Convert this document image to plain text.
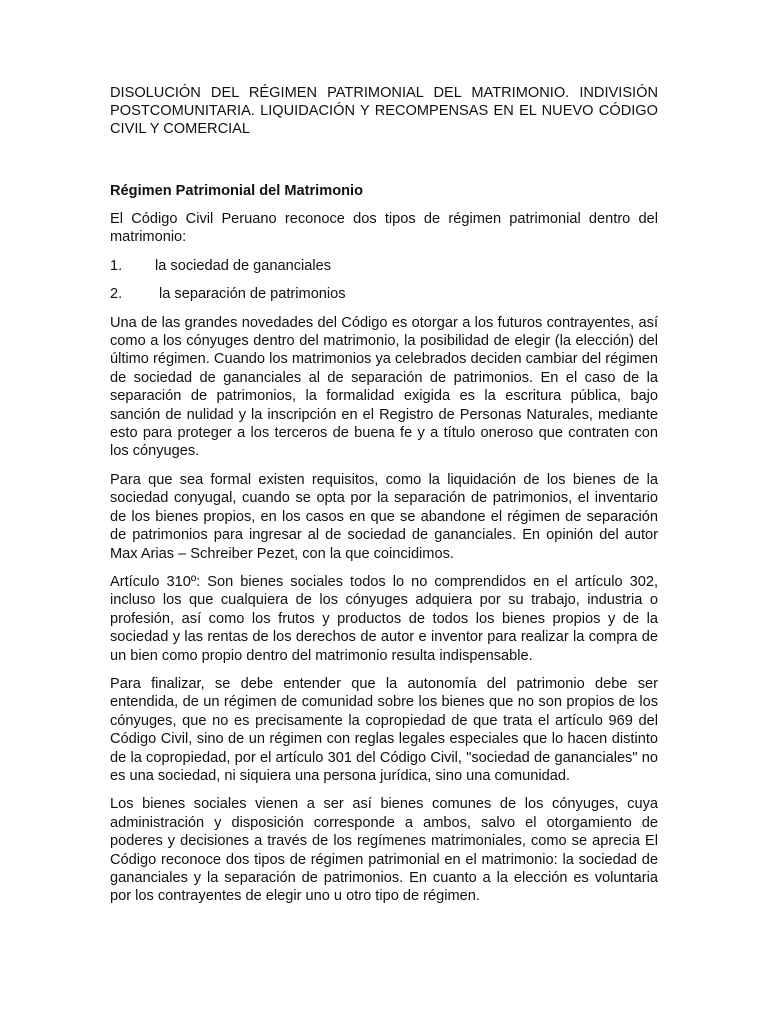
DISOLUCIÓN DEL RÉGIMEN PATRIMONIAL DEL MATRIMONIO. INDIVISIÓN POSTCOMUNITARIA. LIQUIDACIÓN Y RECOMPENSAS EN EL NUEVO CÓDIGO CIVIL Y COMERCIAL
Régimen Patrimonial del Matrimonio

El Código Civil Peruano reconoce dos tipos de régimen patrimonial dentro del matrimonio:

1.	la sociedad de gananciales
2.	la separación de patrimonios

Una de las grandes novedades del Código es otorgar a los futuros contrayentes, así como a los cónyuges dentro del matrimonio, la posibilidad de elegir (la elección) del último régimen. Cuando los matrimonios ya celebrados deciden cambiar del régimen de sociedad de gananciales al de separación de patrimonios. En el caso de la separación de patrimonios, la formalidad exigida es la escritura pública, bajo sanción de nulidad y la inscripción en el Registro de Personas Naturales, mediante esto para proteger a los terceros de buena fe y a título oneroso que contraten con los cónyuges.

Para que sea formal existen requisitos, como la liquidación de los bienes de la sociedad conyugal, cuando se opta por la separación de patrimonios, el inventario de los bienes propios, en los casos en que se abandone el régimen de separación de patrimonios para ingresar al de sociedad de gananciales. En opinión del autor Max Arias – Schreiber Pezet, con la que coincidimos.

Artículo 310º: Son bienes sociales todos lo no comprendidos en el artículo 302, incluso los que cualquiera de los cónyuges adquiera por su trabajo, industria o profesión, así como los frutos y productos de todos los bienes propios y de la sociedad y las rentas de los derechos de autor e inventor para realizar la compra de un bien como propio dentro del matrimonio resulta indispensable.

Para finalizar, se debe entender que la autonomía del patrimonio debe ser entendida, de un régimen de comunidad sobre los bienes que no son propios de los cónyuges, que no es precisamente la copropiedad de que trata el artículo 969 del Código Civil, sino de un régimen con reglas legales especiales que lo hacen distinto de la copropiedad, por el artículo 301 del Código Civil, "sociedad de gananciales" no es una sociedad, ni siquiera una persona jurídica, sino una comunidad.

Los bienes sociales vienen a ser así bienes comunes de los cónyuges, cuya administración y disposición corresponde a ambos, salvo el otorgamiento de poderes y decisiones a través de los regímenes matrimoniales, como se aprecia El Código reconoce dos tipos de régimen patrimonial en el matrimonio: la sociedad de gananciales y la separación de patrimonios. En cuanto a la elección es voluntaria por los contrayentes de elegir uno u otro tipo de régimen.
